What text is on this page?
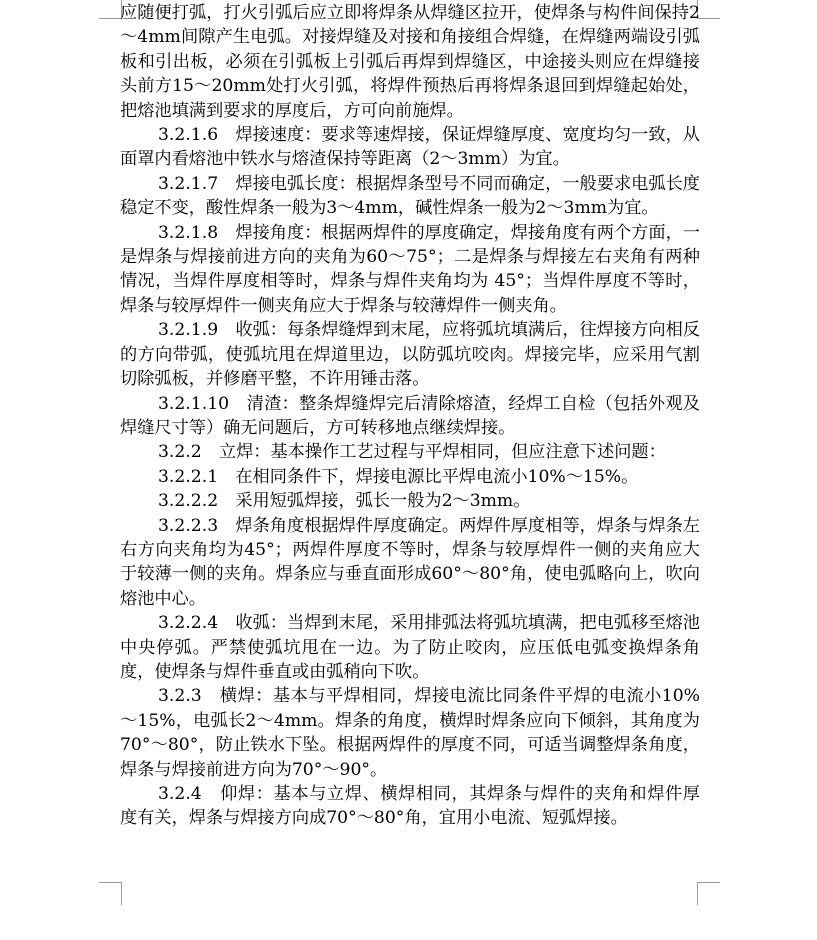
应随便打弧，打火引弧后应立即将焊条从焊缝区拉开，使焊条与构件间保持2～4mm间隙产生电弧。对接焊缝及对接和角接组合焊缝，在焊缝两端设引弧板和引出板，必须在引弧板上引弧后再焊到焊缝区，中途接头则应在焊缝接头前方15～20mm处打火引弧，将焊件预热后再将焊条退回到焊缝起始处，把熔池填满到要求的厚度后，方可向前施焊。

3.2.1.6　焊接速度：要求等速焊接，保证焊缝厚度、宽度均匀一致，从面罩内看熔池中铁水与熔渣保持等距离（2～3mm）为宜。

3.2.1.7　焊接电弧长度：根据焊条型号不同而确定，一般要求电弧长度稳定不变，酸性焊条一般为3～4mm，碱性焊条一般为2～3mm为宜。

3.2.1.8　焊接角度：根据两焊件的厚度确定，焊接角度有两个方面，一是焊条与焊接前进方向的夹角为60～75°；二是焊条与焊接左右夹角有两种情况，当焊件厚度相等时，焊条与焊件夹角均为 45°；当焊件厚度不等时，焊条与较厚焊件一侧夹角应大于焊条与较薄焊件一侧夹角。

3.2.1.9　收弧：每条焊缝焊到末尾，应将弧坑填满后，往焊接方向相反的方向带弧，使弧坑甩在焊道里边，以防弧坑咬肉。焊接完毕，应采用气割切除弧板，并修磨平整，不许用锤击落。

3.2.1.10　清渣：整条焊缝焊完后清除熔渣，经焊工自检（包括外观及焊缝尺寸等）确无问题后，方可转移地点继续焊接。

3.2.2　立焊：基本操作工艺过程与平焊相同，但应注意下述问题：

3.2.2.1　在相同条件下，焊接电源比平焊电流小10%～15%。

3.2.2.2　采用短弧焊接，弧长一般为2～3mm。

3.2.2.3　焊条角度根据焊件厚度确定。两焊件厚度相等，焊条与焊条左右方向夹角均为45°；两焊件厚度不等时，焊条与较厚焊件一侧的夹角应大于较薄一侧的夹角。焊条应与垂直面形成60°～80°角，使电弧略向上，吹向熔池中心。

3.2.2.4　收弧：当焊到末尾，采用排弧法将弧坑填满，把电弧移至熔池中央停弧。严禁使弧坑甩在一边。为了防止咬肉，应压低电弧变换焊条角度，使焊条与焊件垂直或由弧稍向下吹。

3.2.3　横焊：基本与平焊相同，焊接电流比同条件平焊的电流小10%～15%，电弧长2～4mm。焊条的角度，横焊时焊条应向下倾斜，其角度为70°～80°，防止铁水下坠。根据两焊件的厚度不同，可适当调整焊条角度，焊条与焊接前进方向为70°～90°。

3.2.4　仰焊：基本与立焊、横焊相同，其焊条与焊件的夹角和焊件厚度有关，焊条与焊接方向成70°～80°角，宜用小电流、短弧焊接。
